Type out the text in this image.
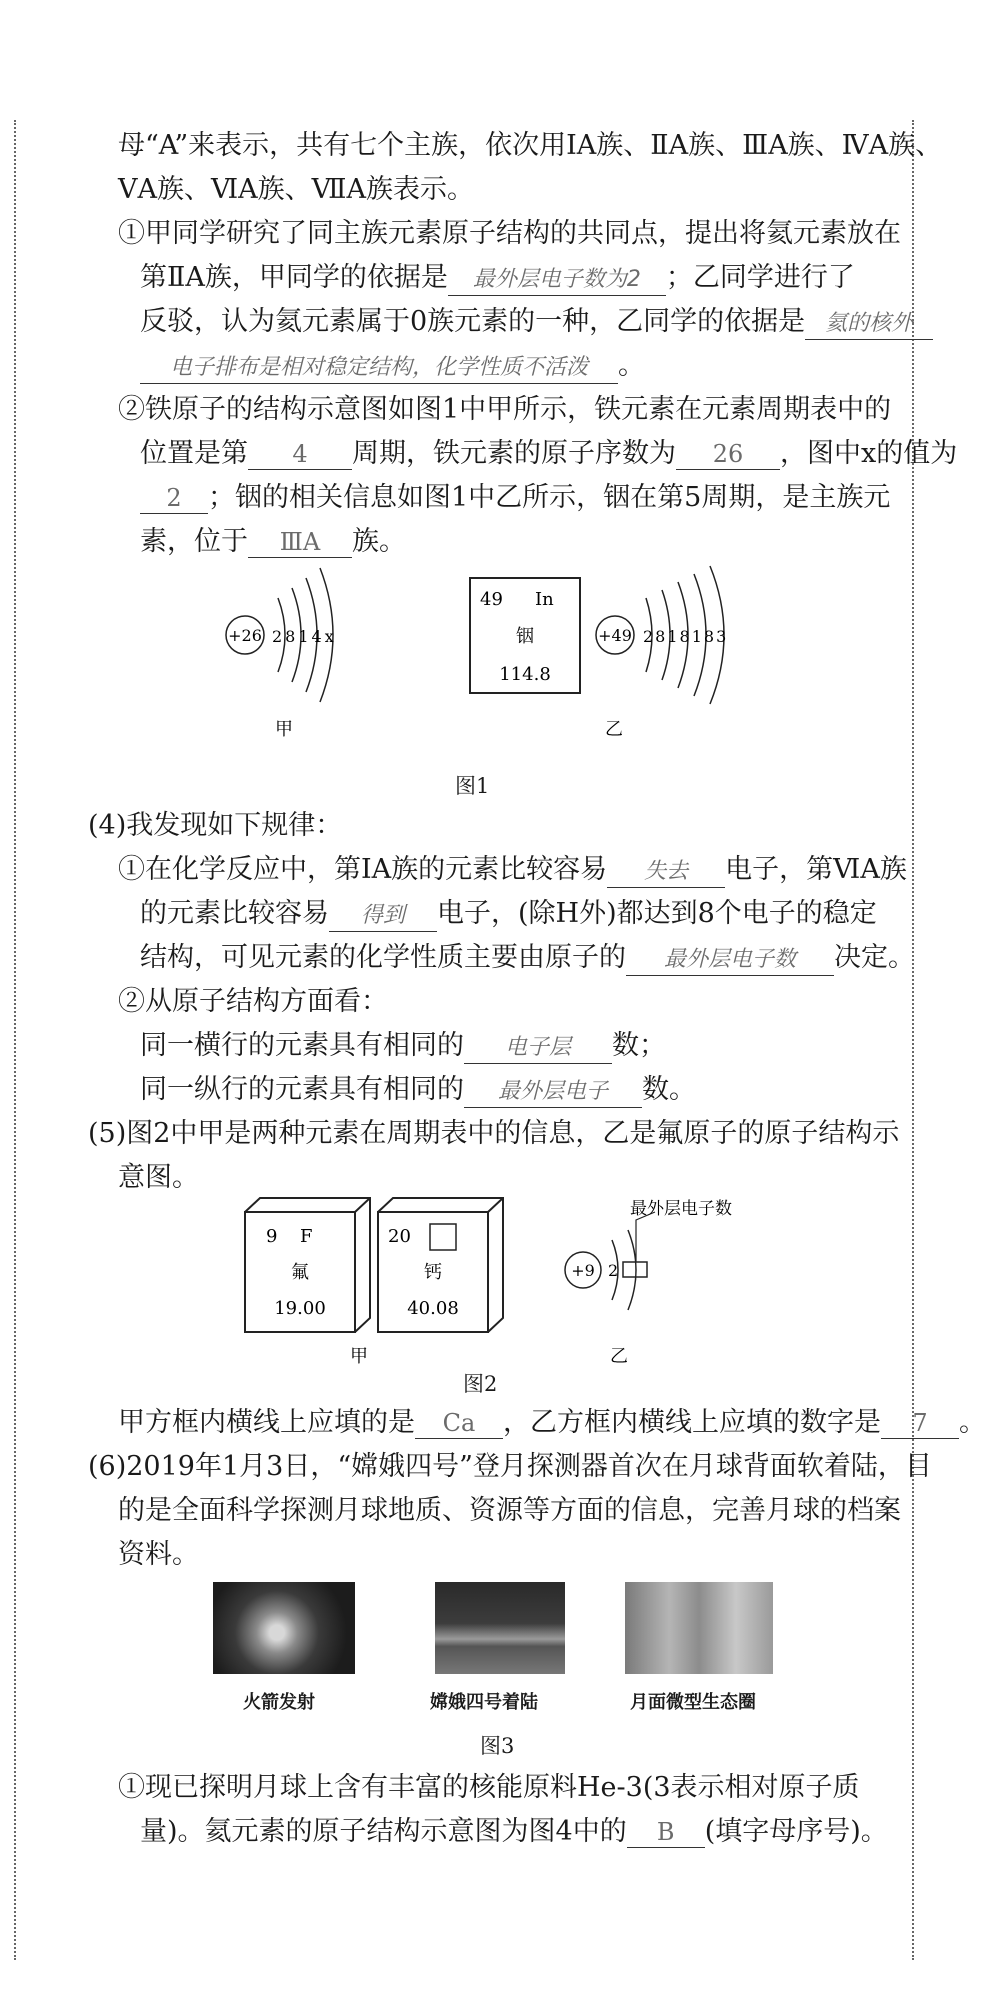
母“A”来表示，共有七个主族，依次用ⅠA族、ⅡA族、ⅢA族、ⅣA族、
ⅤA族、ⅥA族、ⅦA族表示。
①甲同学研究了同主族元素原子结构的共同点，提出将氦元素放在
第ⅡA族，甲同学的依据是 最外层电子数为2 ；乙同学进行了
反驳，认为氦元素属于0族元素的一种，乙同学的依据是 氦的核外
电子排布是相对稳定结构，化学性质不活泼 。
②铁原子的结构示意图如图1中甲所示，铁元素在元素周期表中的
位置是第 4 周期，铁元素的原子序数为 26 ，图中x的值为
2 ；铟的相关信息如图1中乙所示，铟在第5周期，是主族元
素，位于 ⅢA 族。
+26 2814x
甲
49 In
铟
114.8
+49 2818183
乙
图1
(4)我发现如下规律：
①在化学反应中，第ⅠA族的元素比较容易 失去 电子，第ⅥA族
的元素比较容易 得到 电子，(除H外)都达到8个电子的稳定
结构，可见元素的化学性质主要由原子的 最外层电子数 决定。
②从原子结构方面看：
同一横行的元素具有相同的 电子层 数；
同一纵行的元素具有相同的 最外层电子 数。
(5)图2中甲是两种元素在周期表中的信息，乙是氟原子的原子结构示
意图。
9 F
氟
19.00
20
钙
40.08
甲
+9 2
最外层电子数
乙
图2
甲方框内横线上应填的是 Ca ，乙方框内横线上应填的数字是 7 。
(6)2019年1月3日，“嫦娥四号”登月探测器首次在月球背面软着陆，目
的是全面科学探测月球地质、资源等方面的信息，完善月球的档案
资料。
火箭发射	嫦娥四号着陆	月面微型生态圈
图3
①现已探明月球上含有丰富的核能原料He-3(3表示相对原子质
量)。氦元素的原子结构示意图为图4中的 B (填字母序号)。
